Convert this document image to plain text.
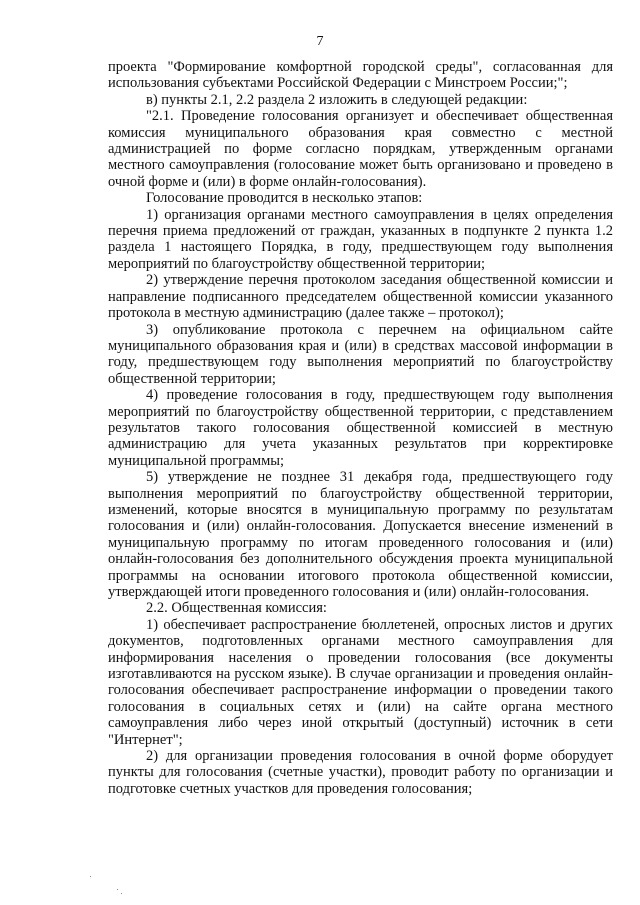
7

проекта "Формирование комфортной городской среды", согласованная для использования субъектами Российской Федерации с Минстроем России;";

в) пункты 2.1, 2.2 раздела 2 изложить в следующей редакции:

"2.1. Проведение голосования организует и обеспечивает общественная комиссия муниципального образования края совместно с местной администрацией по форме согласно порядкам, утвержденным органами местного самоуправления (голосование может быть организовано и проведено в очной форме и (или) в форме онлайн-голосования).

Голосование проводится в несколько этапов:

1) организация органами местного самоуправления в целях определения перечня приема предложений от граждан, указанных в подпункте 2 пункта 1.2 раздела 1 настоящего Порядка, в году, предшествующем году выполнения мероприятий по благоустройству общественной территории;

2) утверждение перечня протоколом заседания общественной комиссии и направление подписанного председателем общественной комиссии указанного протокола в местную администрацию (далее также – протокол);

3) опубликование протокола с перечнем на официальном сайте муниципального образования края и (или) в средствах массовой информации в году, предшествующем году выполнения мероприятий по благоустройству общественной территории;

4) проведение голосования в году, предшествующем году выполнения мероприятий по благоустройству общественной территории, с представлением результатов такого голосования общественной комиссией в местную администрацию для учета указанных результатов при корректировке муниципальной программы;

5) утверждение не позднее 31 декабря года, предшествующего году выполнения мероприятий по благоустройству общественной территории, изменений, которые вносятся в муниципальную программу по результатам голосования и (или) онлайн-голосования. Допускается внесение изменений в муниципальную программу по итогам проведенного голосования и (или) онлайн-голосования без дополнительного обсуждения проекта муниципальной программы на основании итогового протокола общественной комиссии, утверждающей итоги проведенного голосования и (или) онлайн-голосования.

2.2. Общественная комиссия:

1) обеспечивает распространение бюллетеней, опросных листов и других документов, подготовленных органами местного самоуправления для информирования населения о проведении голосования (все документы изготавливаются на русском языке). В случае организации и проведения онлайн-голосования обеспечивает распространение информации о проведении такого голосования в социальных сетях и (или) на сайте органа местного самоуправления либо через иной открытый (доступный) источник в сети "Интернет";

2) для организации проведения голосования в очной форме оборудует пункты для голосования (счетные участки), проводит работу по организации и подготовке счетных участков для проведения голосования;
